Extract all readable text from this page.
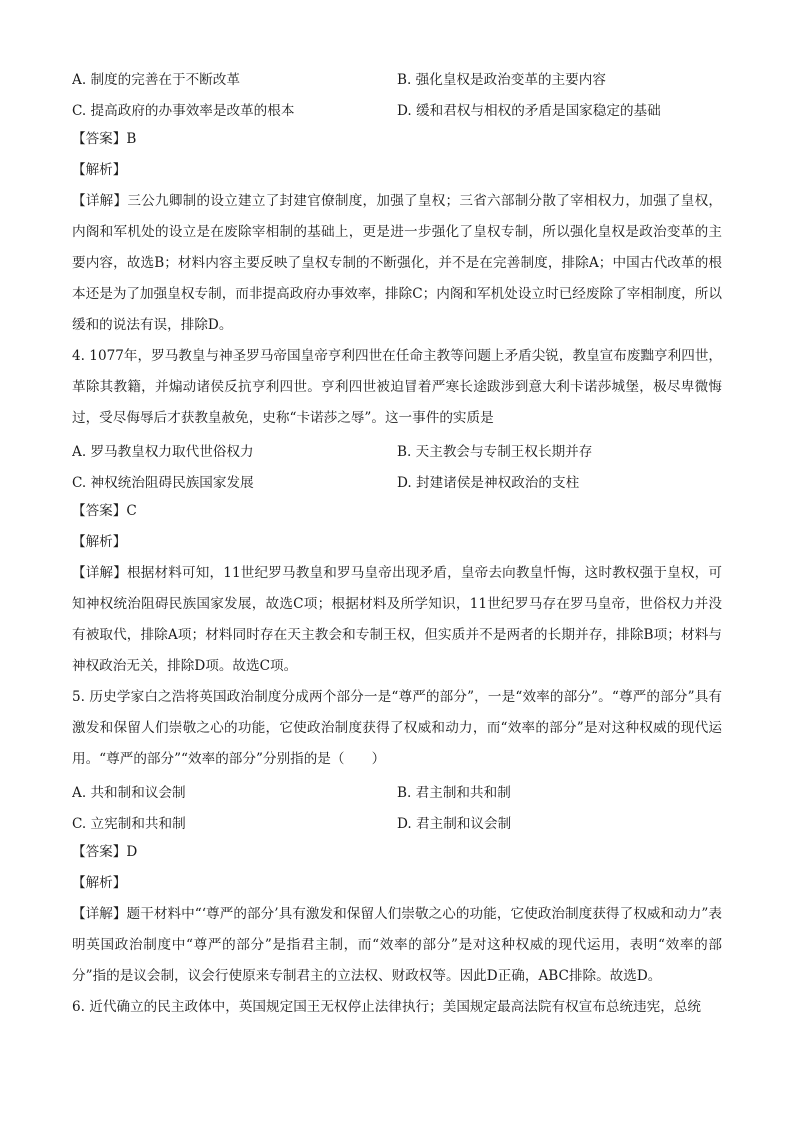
A. 制度的完善在于不断改革	B. 强化皇权是政治变革的主要内容
C. 提高政府的办事效率是改革的根本	D. 缓和君权与相权的矛盾是国家稳定的基础
【答案】B
【解析】
【详解】三公九卿制的设立建立了封建官僚制度，加强了皇权；三省六部制分散了宰相权力，加强了皇权，内阁和军机处的设立是在废除宰相制的基础上，更是进一步强化了皇权专制，所以强化皇权是政治变革的主要内容，故选B；材料内容主要反映了皇权专制的不断强化，并不是在完善制度，排除A；中国古代改革的根本还是为了加强皇权专制，而非提高政府办事效率，排除C；内阁和军机处设立时已经废除了宰相制度，所以缓和的说法有误，排除D。
4. 1077年，罗马教皇与神圣罗马帝国皇帝亨利四世在任命主教等问题上矛盾尖锐，教皇宣布废黜亨利四世，革除其教籍，并煽动诸侯反抗亨利四世。亨利四世被迫冒着严寒长途跋涉到意大利卡诺莎城堡，极尽卑微悔过，受尽侮辱后才获教皇赦免，史称“卡诺莎之辱”。这一事件的实质是
A. 罗马教皇权力取代世俗权力	B. 天主教会与专制王权长期并存
C. 神权统治阻碍民族国家发展	D. 封建诸侯是神权政治的支柱
【答案】C
【解析】
【详解】根据材料可知，11世纪罗马教皇和罗马皇帝出现矛盾，皇帝去向教皇忏悔，这时教权强于皇权，可知神权统治阻碍民族国家发展，故选C项；根据材料及所学知识，11世纪罗马存在罗马皇帝，世俗权力并没有被取代，排除A项；材料同时存在天主教会和专制王权，但实质并不是两者的长期并存，排除B项；材料与神权政治无关，排除D项。故选C项。
5. 历史学家白之浩将英国政治制度分成两个部分一是“尊严的部分”，一是“效率的部分”。“尊严的部分”具有激发和保留人们崇敬之心的功能，它使政治制度获得了权威和动力，而“效率的部分”是对这种权威的现代运用。“尊严的部分”“效率的部分”分别指的是（　　）
A. 共和制和议会制	B. 君主制和共和制
C. 立宪制和共和制	D. 君主制和议会制
【答案】D
【解析】
【详解】题干材料中“‘尊严的部分’具有激发和保留人们崇敬之心的功能，它使政治制度获得了权威和动力”表明英国政治制度中“尊严的部分”是指君主制，而“效率的部分”是对这种权威的现代运用，表明“效率的部分”指的是议会制，议会行使原来专制君主的立法权、财政权等。因此D正确，ABC排除。故选D。
6. 近代确立的民主政体中，英国规定国王无权停止法律执行；美国规定最高法院有权宣布总统违宪，总统
